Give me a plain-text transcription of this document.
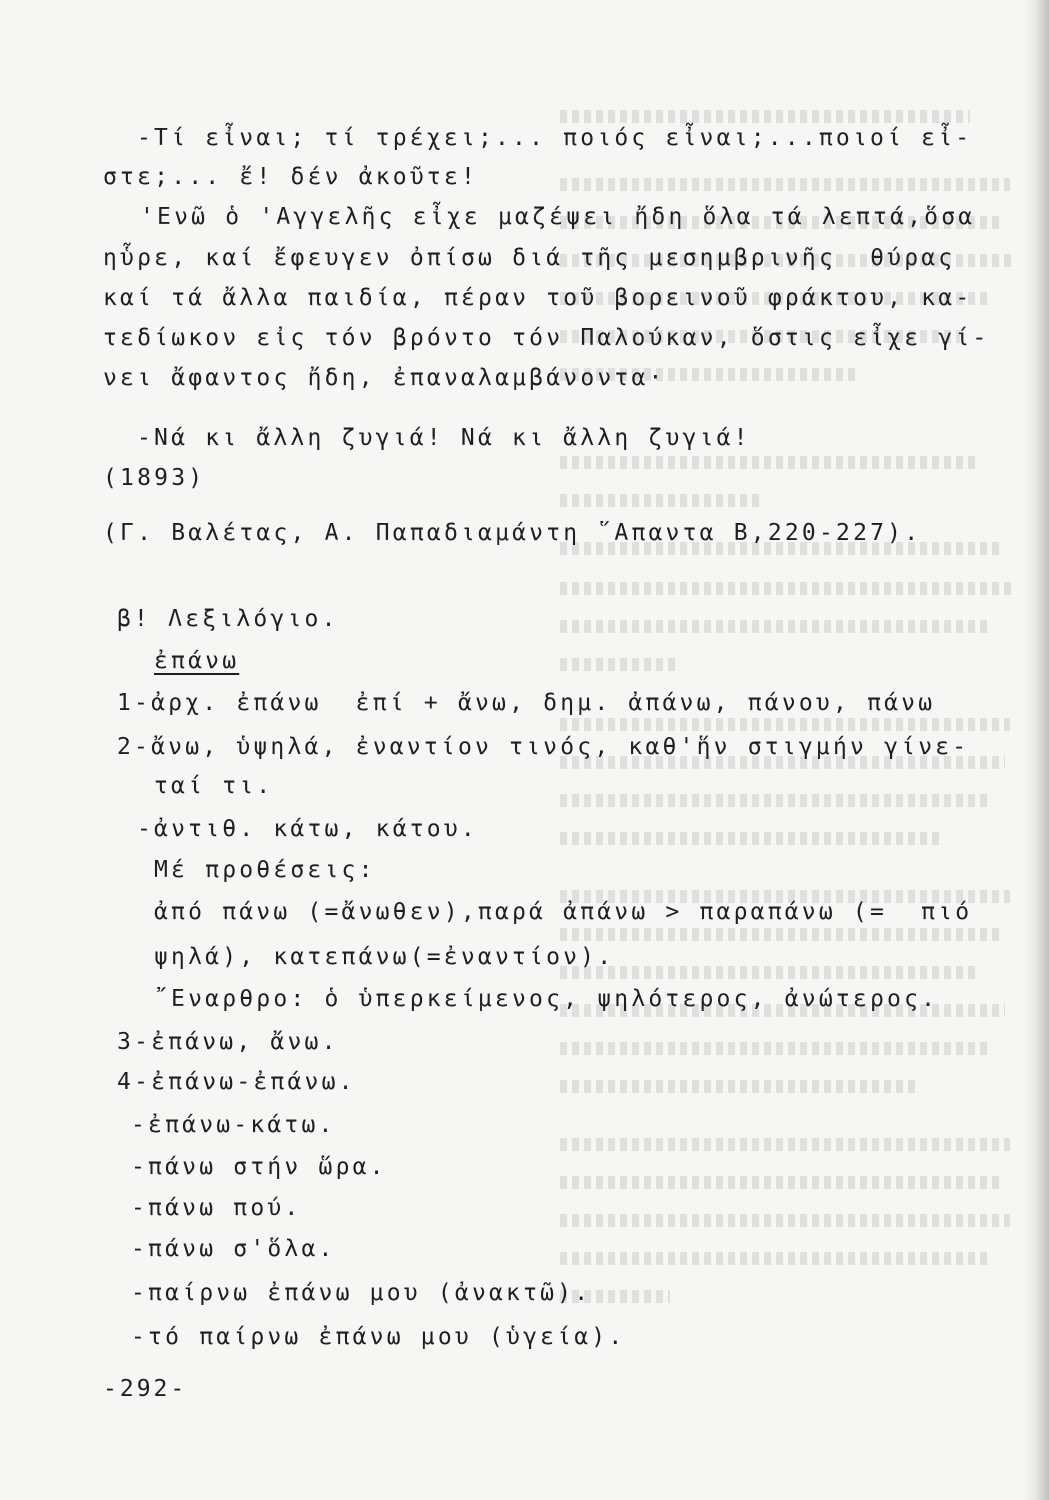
-Τί εἶναι; τί τρέχει;... ποιός εἶναι;...ποιοί εἶ-
στε;... ἔ! δέν ἀκοῦτε!
'Ενῶ ὁ 'Αγγελῆς εἶχε μαζέψει ἤδη ὅλα τά λεπτά,ὅσα
ηὗρε, καί ἔφευγεν ὀπίσω διά τῆς μεσημβρινῆς  θύρας
καί τά ἄλλα παιδία, πέραν τοῦ βορεινοῦ φράκτου, κα-
τεδίωκον εἰς τόν βρόντο τόν Παλούκαν, ὅστις εἶχε γί-
νει ἄφαντος ἤδη, ἐπαναλαμβάνοντα·
-Νά κι ἄλλη ζυγιά! Νά κι ἄλλη ζυγιά!
(1893)
(Γ. Βαλέτας, Α. Παπαδιαμάντη ῞Απαντα Β,220-227).
β! Λεξιλόγιο.
ἐπάνω
1-ἀρχ. ἐπάνω  ἐπί + ἄνω, δημ. ἀπάνω, πάνου, πάνω
2-ἄνω, ὑψηλά, ἐναντίον τινός, καθ'ἥν στιγμήν γίνε-
ταί τι.
-ἀντιθ. κάτω, κάτου.
Μέ προθέσεις:
ἀπό πάνω (=ἄνωθεν),παρά ἀπάνω > παραπάνω (=  πιό
ψηλά), κατεπάνω(=ἐναντίον).
῎Εναρθρο: ὁ ὑπερκείμενος, ψηλότερος, ἀνώτερος.
3-ἐπάνω, ἄνω.
4-ἐπάνω-ἐπάνω.
-ἐπάνω-κάτω.
-πάνω στήν ὥρα.
-πάνω πού.
-πάνω σ'ὅλα.
-παίρνω ἐπάνω μου (ἀνακτῶ).
-τό παίρνω ἐπάνω μου (ὑγεία).
-292-
